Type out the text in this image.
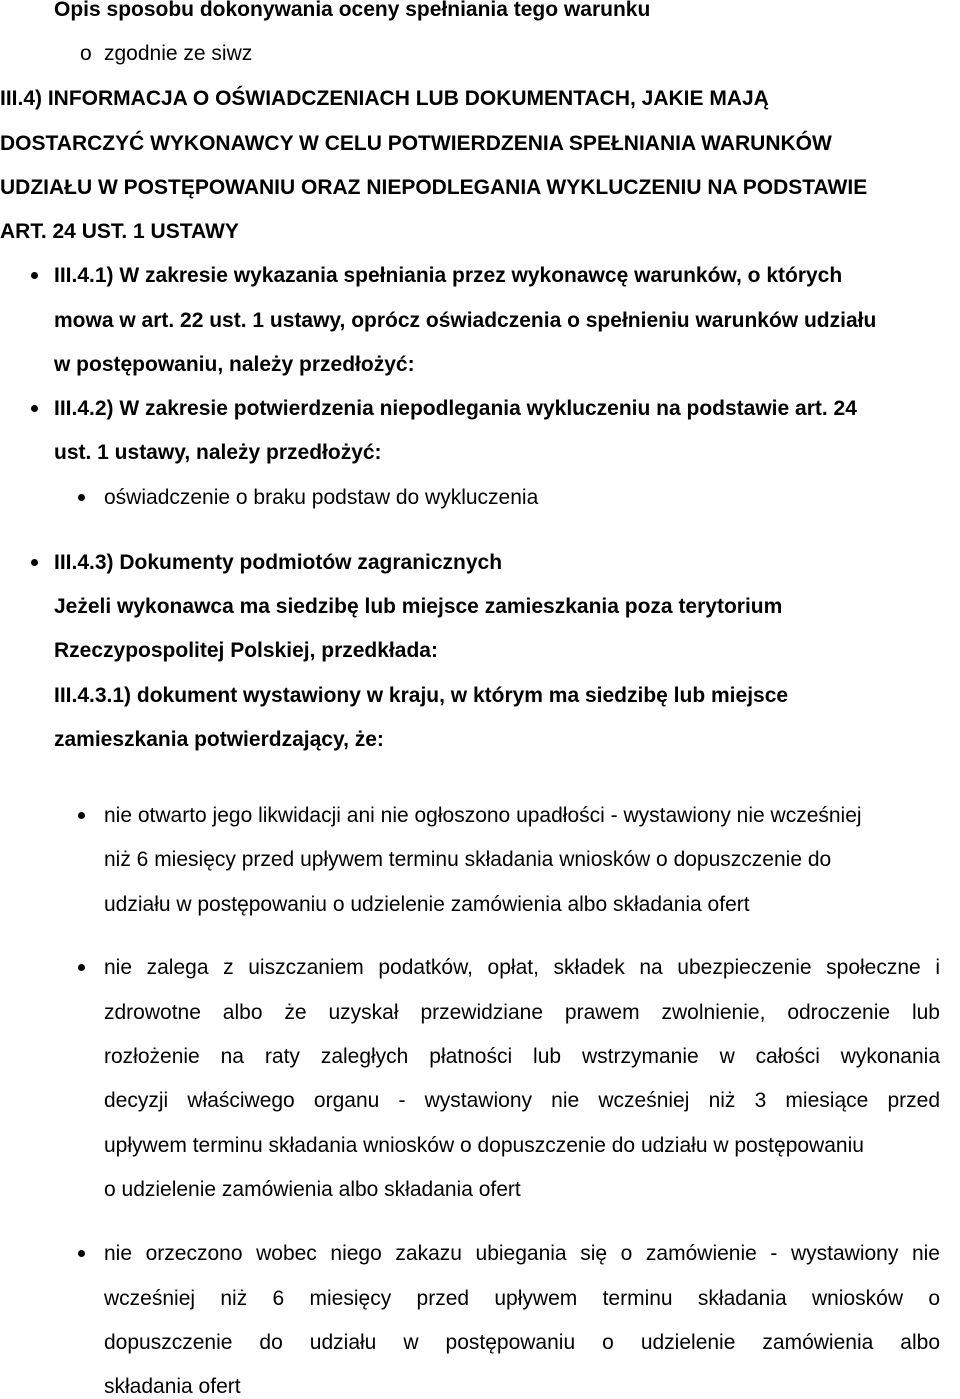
Opis sposobu dokonywania oceny spełniania tego warunku
o zgodnie ze siwz
III.4) INFORMACJA O OŚWIADCZENIACH LUB DOKUMENTACH, JAKIE MAJĄ
DOSTARCZYĆ WYKONAWCY W CELU POTWIERDZENIA SPEŁNIANIA WARUNKÓW
UDZIAŁU W POSTĘPOWANIU ORAZ NIEPODLEGANIA WYKLUCZENIU NA PODSTAWIE
ART. 24 UST. 1 USTAWY
III.4.1) W zakresie wykazania spełniania przez wykonawcę warunków, o których
mowa w art. 22 ust. 1 ustawy, oprócz oświadczenia o spełnieniu warunków udziału
w postępowaniu, należy przedłożyć:
III.4.2) W zakresie potwierdzenia niepodlegania wykluczeniu na podstawie art. 24
ust. 1 ustawy, należy przedłożyć:
oświadczenie o braku podstaw do wykluczenia
III.4.3) Dokumenty podmiotów zagranicznych
Jeżeli wykonawca ma siedzibę lub miejsce zamieszkania poza terytorium
Rzeczypospolitej Polskiej, przedkłada:
III.4.3.1) dokument wystawiony w kraju, w którym ma siedzibę lub miejsce
zamieszkania potwierdzający, że:
nie otwarto jego likwidacji ani nie ogłoszono upadłości - wystawiony nie wcześniej
niż 6 miesięcy przed upływem terminu składania wniosków o dopuszczenie do
udziału w postępowaniu o udzielenie zamówienia albo składania ofert
nie zalega z uiszczaniem podatków, opłat, składek na ubezpieczenie społeczne i
zdrowotne albo że uzyskał przewidziane prawem zwolnienie, odroczenie lub
rozłożenie na raty zaległych płatności lub wstrzymanie w całości wykonania
decyzji właściwego organu - wystawiony nie wcześniej niż 3 miesiące przed
upływem terminu składania wniosków o dopuszczenie do udziału w postępowaniu
o udzielenie zamówienia albo składania ofert
nie orzeczono wobec niego zakazu ubiegania się o zamówienie - wystawiony nie
wcześniej niż 6 miesięcy przed upływem terminu składania wniosków o
dopuszczenie do udziału w postępowaniu o udzielenie zamówienia albo
składania ofert
